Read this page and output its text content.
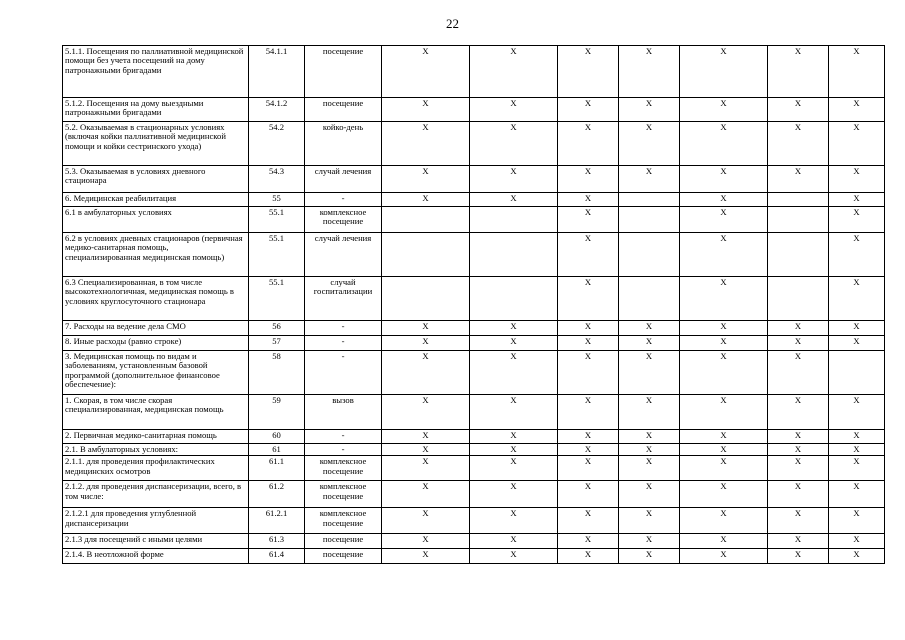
22
5.1.1. Посещения по паллиативной медицинской помощи без учета посещений на дому патронажными бригадами	54.1.1	посещение	X	X	X	X	X	X	X
5.1.2. Посещения на дому выездными патронажными бригадами	54.1.2	посещение	X	X	X	X	X	X	X
5.2. Оказываемая в стационарных условиях (включая койки паллиативной медицинской помощи и койки сестринского ухода)	54.2	койко-день	X	X	X	X	X	X	X
5.3. Оказываемая в условиях дневного стационара	54.3	случай лечения	X	X	X	X	X	X	X
6. Медицинская реабилитация	55	-	X	X	X		X		X
6.1 в амбулаторных условиях	55.1	комплексное посещение			X		X		X
6.2 в условиях дневных стационаров (первичная медико-санитарная помощь, специализированная медицинская помощь)	55.1	случай лечения			X		X		X
6.3 Специализированная, в том числе высокотехнологичная, медицинская помощь в условиях круглосуточного стационара	55.1	случай госпитализации			X		X		X
7. Расходы на ведение дела СМО	56	-	X	X	X	X	X	X	X
8. Иные расходы (равно строке)	57	-	X	X	X	X	X	X	X
3. Медицинская помощь по видам и заболеваниям, установленным базовой программой (дополнительное финансовое обеспечение):	58	-	X	X	X	X	X	X	
1. Скорая, в том числе скорая специализированная, медицинская помощь	59	вызов	X	X	X	X	X	X	X
2. Первичная медико-санитарная помощь	60	-	X	X	X	X	X	X	X
2.1. В амбулаторных условиях:	61	-	X	X	X	X	X	X	X
2.1.1. для проведения профилактических медицинских осмотров	61.1	комплексное посещение	X	X	X	X	X	X	X
2.1.2. для проведения диспансеризации, всего, в том числе:	61.2	комплексное посещение	X	X	X	X	X	X	X
2.1.2.1 для проведения углубленной диспансеризации	61.2.1	комплексное посещение	X	X	X	X	X	X	X
2.1.3 для посещений с иными целями	61.3	посещение	X	X	X	X	X	X	X
2.1.4. В неотложной форме	61.4	посещение	X	X	X	X	X	X	X
